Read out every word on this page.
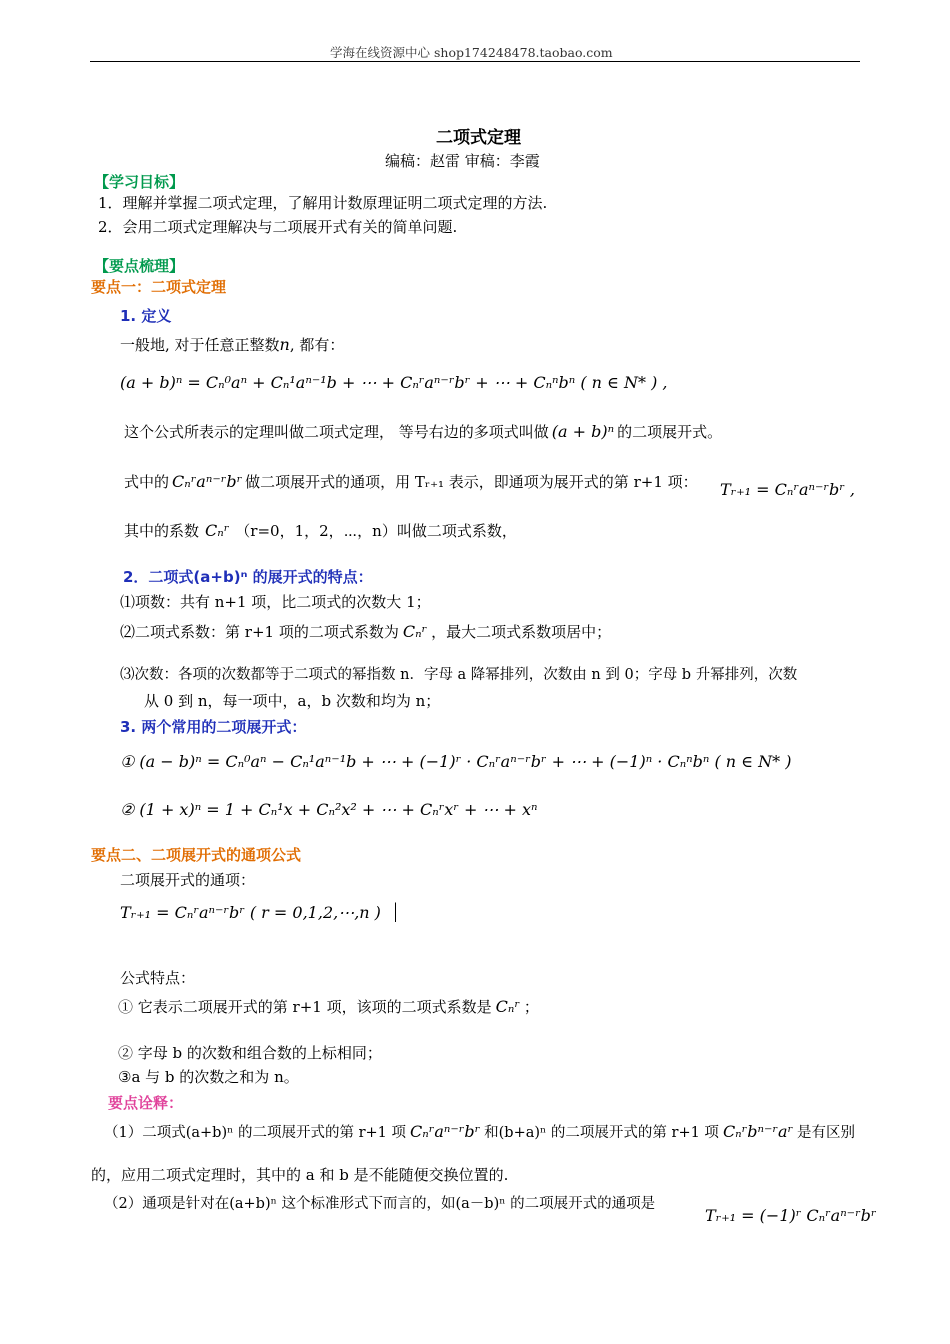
学海在线资源中心 shop174248478.taobao.com
二项式定理
编稿：赵雷 审稿：李霞
【学习目标】
1．理解并掌握二项式定理，了解用计数原理证明二项式定理的方法.
2．会用二项式定理解决与二项展开式有关的简单问题.
【要点梳理】
要点一：二项式定理
1. 定义
一般地, 对于任意正整数n, 都有：
(a + b)ⁿ = Cₙ⁰aⁿ + Cₙ¹aⁿ⁻¹b + ⋯ + Cₙʳaⁿ⁻ʳbʳ + ⋯ + Cₙⁿbⁿ ( n ∈ N* ) ,
这个公式所表示的定理叫做二项式定理， 等号右边的多项式叫做 (a + b)ⁿ 的二项展开式。
式中的 Cₙʳaⁿ⁻ʳbʳ 做二项展开式的通项，用 Tᵣ₊₁ 表示，即通项为展开式的第 r+1 项： Tᵣ₊₁ = Cₙʳaⁿ⁻ʳbʳ ,
其中的系数 Cₙʳ （r=0，1，2，⋯，n）叫做二项式系数，
2．二项式(a+b)ⁿ 的展开式的特点：
⑴项数：共有 n+1 项，比二项式的次数大 1；
⑵二项式系数：第 r+1 项的二项式系数为 Cₙʳ ，最大二项式系数项居中；
⑶次数：各项的次数都等于二项式的幂指数 n．字母 a 降幂排列，次数由 n 到 0；字母 b 升幂排列，次数
从 0 到 n，每一项中，a，b 次数和均为 n；
3. 两个常用的二项展开式：
① (a − b)ⁿ = Cₙ⁰aⁿ − Cₙ¹aⁿ⁻¹b + ⋯ + (−1)ʳ · Cₙʳaⁿ⁻ʳbʳ + ⋯ + (−1)ⁿ · Cₙⁿbⁿ ( n ∈ N* )
② (1 + x)ⁿ = 1 + Cₙ¹x + Cₙ²x² + ⋯ + Cₙʳxʳ + ⋯ + xⁿ
要点二、二项展开式的通项公式
二项展开式的通项：
Tᵣ₊₁ = Cₙʳaⁿ⁻ʳbʳ ( r = 0,1,2,⋯,n )
公式特点：
① 它表示二项展开式的第 r+1 项，该项的二项式系数是 Cₙʳ ；
② 字母 b 的次数和组合数的上标相同；
③a 与 b 的次数之和为 n。
要点诠释：
（1）二项式(a+b)ⁿ 的二项展开式的第 r+1 项 Cₙʳaⁿ⁻ʳbʳ 和(b+a)ⁿ 的二项展开式的第 r+1 项 Cₙʳbⁿ⁻ʳaʳ 是有区别
的，应用二项式定理时，其中的 a 和 b 是不能随便交换位置的.
（2）通项是针对在(a+b)ⁿ 这个标准形式下而言的，如(a－b)ⁿ 的二项展开式的通项是
Tᵣ₊₁ = (−1)ʳ Cₙʳaⁿ⁻ʳbʳ
